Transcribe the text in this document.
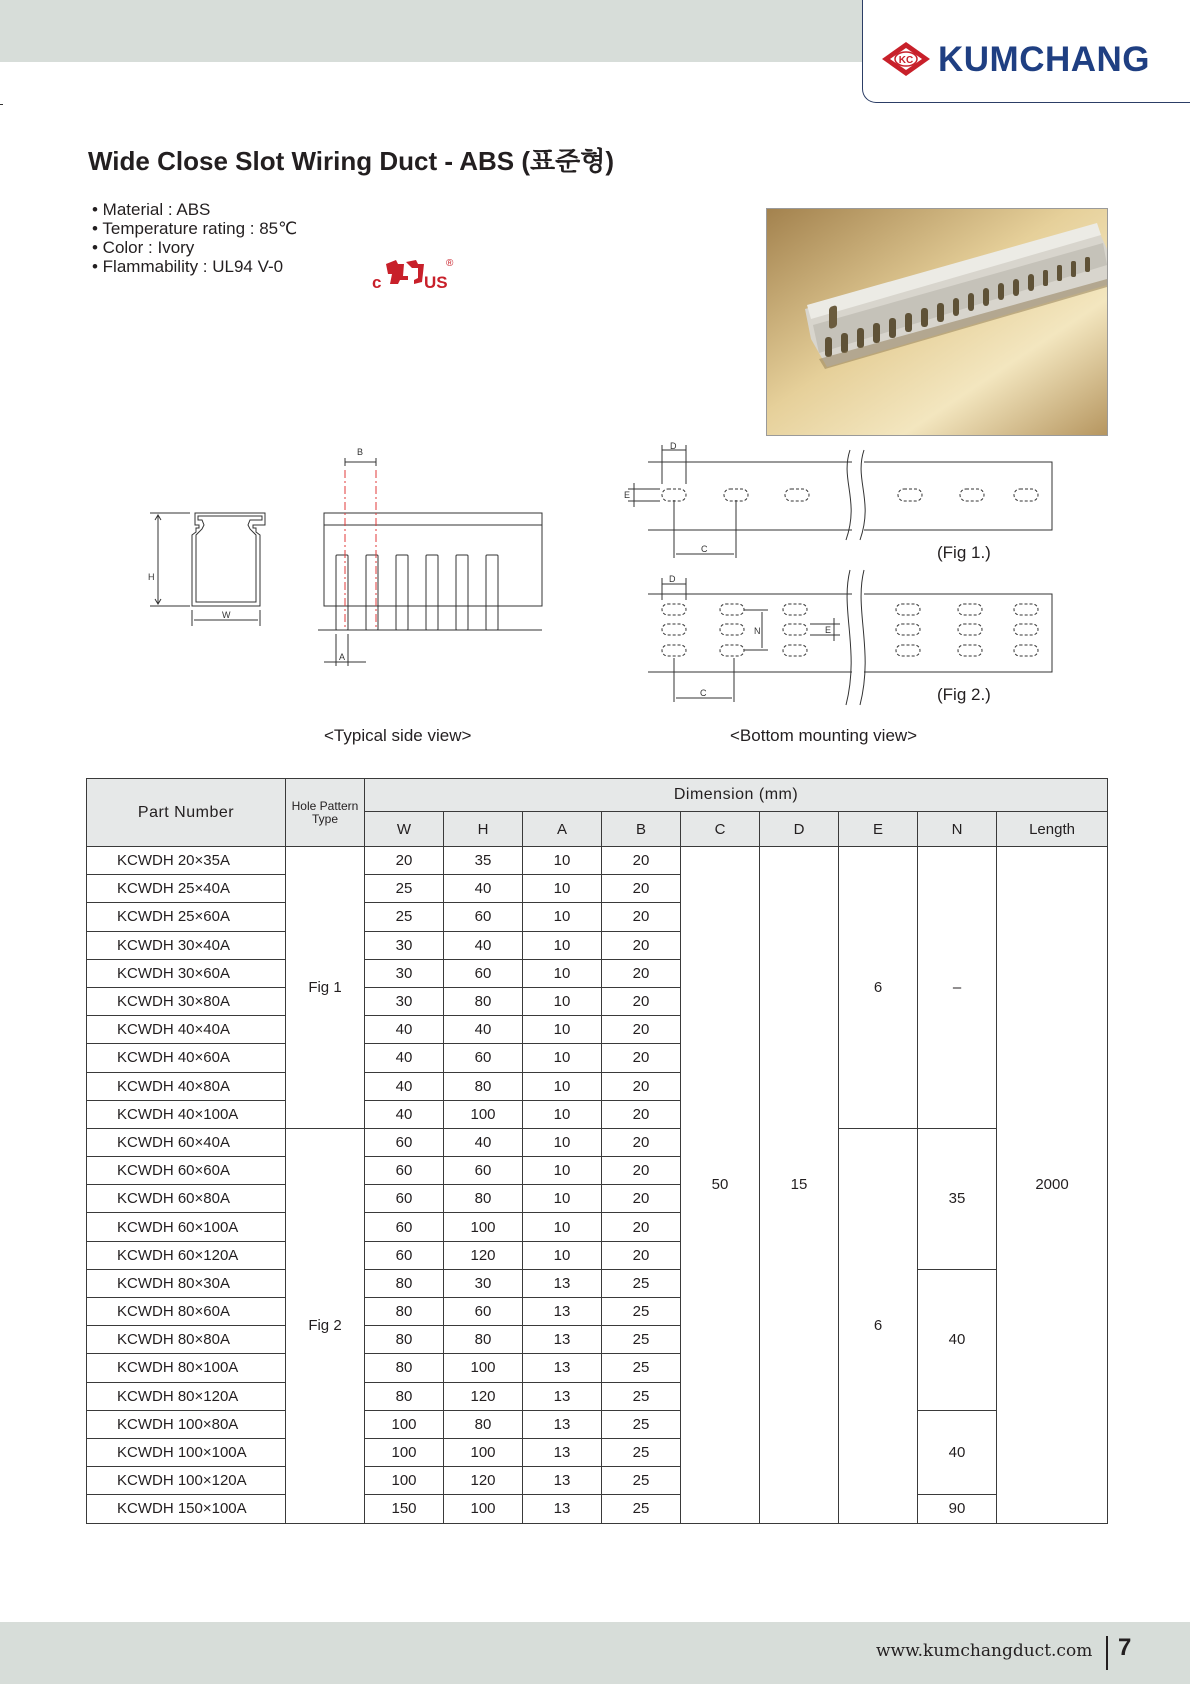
KC KUMCHANG
Wide Close Slot Wiring Duct - ABS (표준형)
• Material : ABS
• Temperature rating : 85℃
• Color : Ivory
• Flammability : UL94 V-0
c	US
®
H
W
B
A
D
E
C
D
N	E
C
(Fig 1.)
(Fig 2.)
<Typical side view>	<Bottom mounting view>
Part Number	Hole Pattern Type	Dimension (mm)								
		W	H	A	B	C	D	E	N	Length
KCWDH 20×35A	Fig 1	20	35	10	20	50	15	6	–	2000
KCWDH 25×40A		25	40	10	20					
KCWDH 25×60A		25	60	10	20					
KCWDH 30×40A		30	40	10	20					
KCWDH 30×60A		30	60	10	20					
KCWDH 30×80A		30	80	10	20					
KCWDH 40×40A		40	40	10	20					
KCWDH 40×60A		40	60	10	20					
KCWDH 40×80A		40	80	10	20					
KCWDH 40×100A		40	100	10	20					
KCWDH 60×40A	Fig 2	60	40	10	20			6	35	
KCWDH 60×60A		60	60	10	20					
KCWDH 60×80A		60	80	10	20					
KCWDH 60×100A		60	100	10	20					
KCWDH 60×120A		60	120	10	20					
KCWDH 80×30A		80	30	13	25				40	
KCWDH 80×60A		80	60	13	25					
KCWDH 80×80A		80	80	13	25					
KCWDH 80×100A		80	100	13	25					
KCWDH 80×120A		80	120	13	25					
KCWDH 100×80A		100	80	13	25				40	
KCWDH 100×100A		100	100	13	25					
KCWDH 100×120A		100	120	13	25					
KCWDH 150×100A		150	100	13	25				90	
www.kumchangduct.com 7
